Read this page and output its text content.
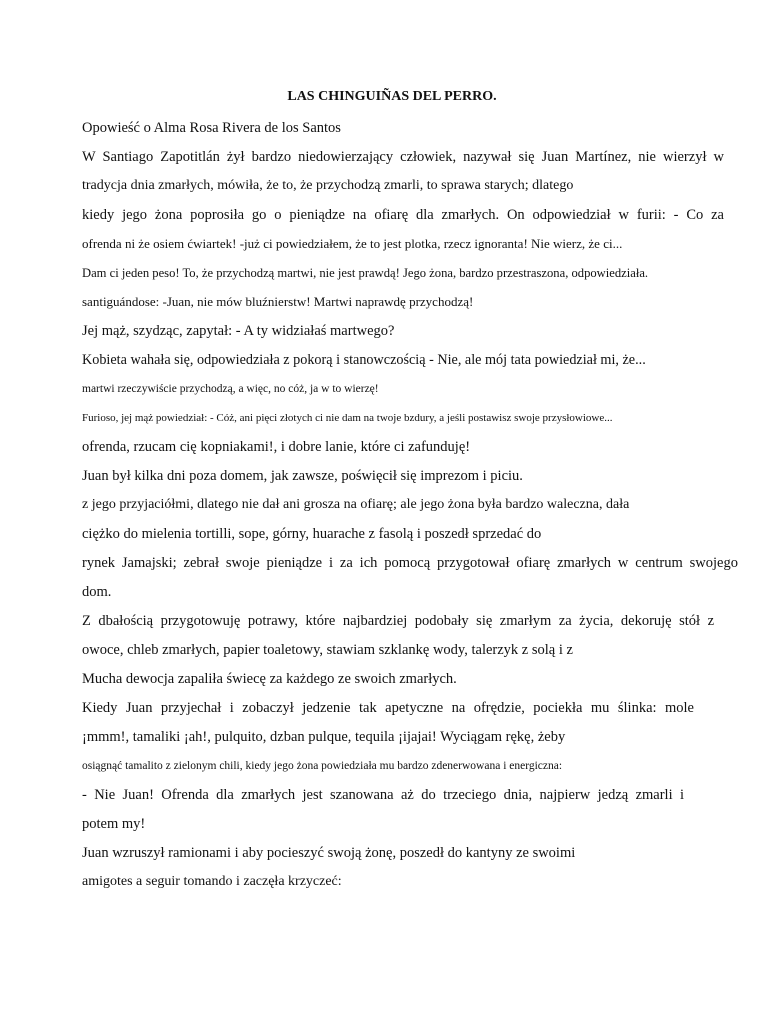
LAS CHINGUIÑAS DEL PERRO.
Opowieść o Alma Rosa Rivera de los Santos
W Santiago Zapotitlán żył bardzo niedowierzający człowiek, nazywał się Juan Martínez, nie wierzył w
tradycja dnia zmarłych, mówiła, że to, że przychodzą zmarli, to sprawa starych; dlatego
kiedy jego żona poprosiła go o pieniądze na ofiarę dla zmarłych. On odpowiedział w furii: - Co za
ofrenda ni że osiem ćwiartek! -już ci powiedziałem, że to jest plotka, rzecz ignoranta! Nie wierz, że ci...
Dam ci jeden peso! To, że przychodzą martwi, nie jest prawdą! Jego żona, bardzo przestraszona, odpowiedziała.
santiguándose: -Juan, nie mów bluźnierstw! Martwi naprawdę przychodzą!
Jej mąż, szydząc, zapytał: - A ty widziałaś martwego?
Kobieta wahała się, odpowiedziała z pokorą i stanowczością - Nie, ale mój tata powiedział mi, że...
martwi rzeczywiście przychodzą, a więc, no cóż, ja w to wierzę!
Furioso, jej mąż powiedział: - Cóż, ani pięci złotych ci nie dam na twoje bzdury, a jeśli postawisz swoje przysłowiowe...
ofrenda, rzucam cię kopniakami!, i dobre lanie, które ci zafunduję!
Juan był kilka dni poza domem, jak zawsze, poświęcił się imprezom i piciu.
z jego przyjaciółmi, dlatego nie dał ani grosza na ofiarę; ale jego żona była bardzo waleczna, dała
ciężko do mielenia tortilli, sope, górny, huarache z fasolą i poszedł sprzedać do
rynek Jamajski; zebrał swoje pieniądze i za ich pomocą przygotował ofiarę zmarłych w centrum swojego
dom.
Z dbałością przygotowuję potrawy, które najbardziej podobały się zmarłym za życia, dekoruję stół z
owoce, chleb zmarłych, papier toaletowy, stawiam szklankę wody, talerzyk z solą i z
Mucha dewocja zapaliła świecę za każdego ze swoich zmarłych.
Kiedy Juan przyjechał i zobaczył jedzenie tak apetyczne na ofrędzie, pociekła mu ślinka: mole
¡mmm!, tamaliki ¡ah!, pulquito, dzban pulque, tequila ¡ijajai! Wyciągam rękę, żeby
osiągnąć tamalito z zielonym chili, kiedy jego żona powiedziała mu bardzo zdenerwowana i energiczna:
- Nie Juan! Ofrenda dla zmarłych jest szanowana aż do trzeciego dnia, najpierw jedzą zmarli i
potem my!
Juan wzruszył ramionami i aby pocieszyć swoją żonę, poszedł do kantyny ze swoimi
amigotes a seguir tomando i zaczęła krzyczeć:
